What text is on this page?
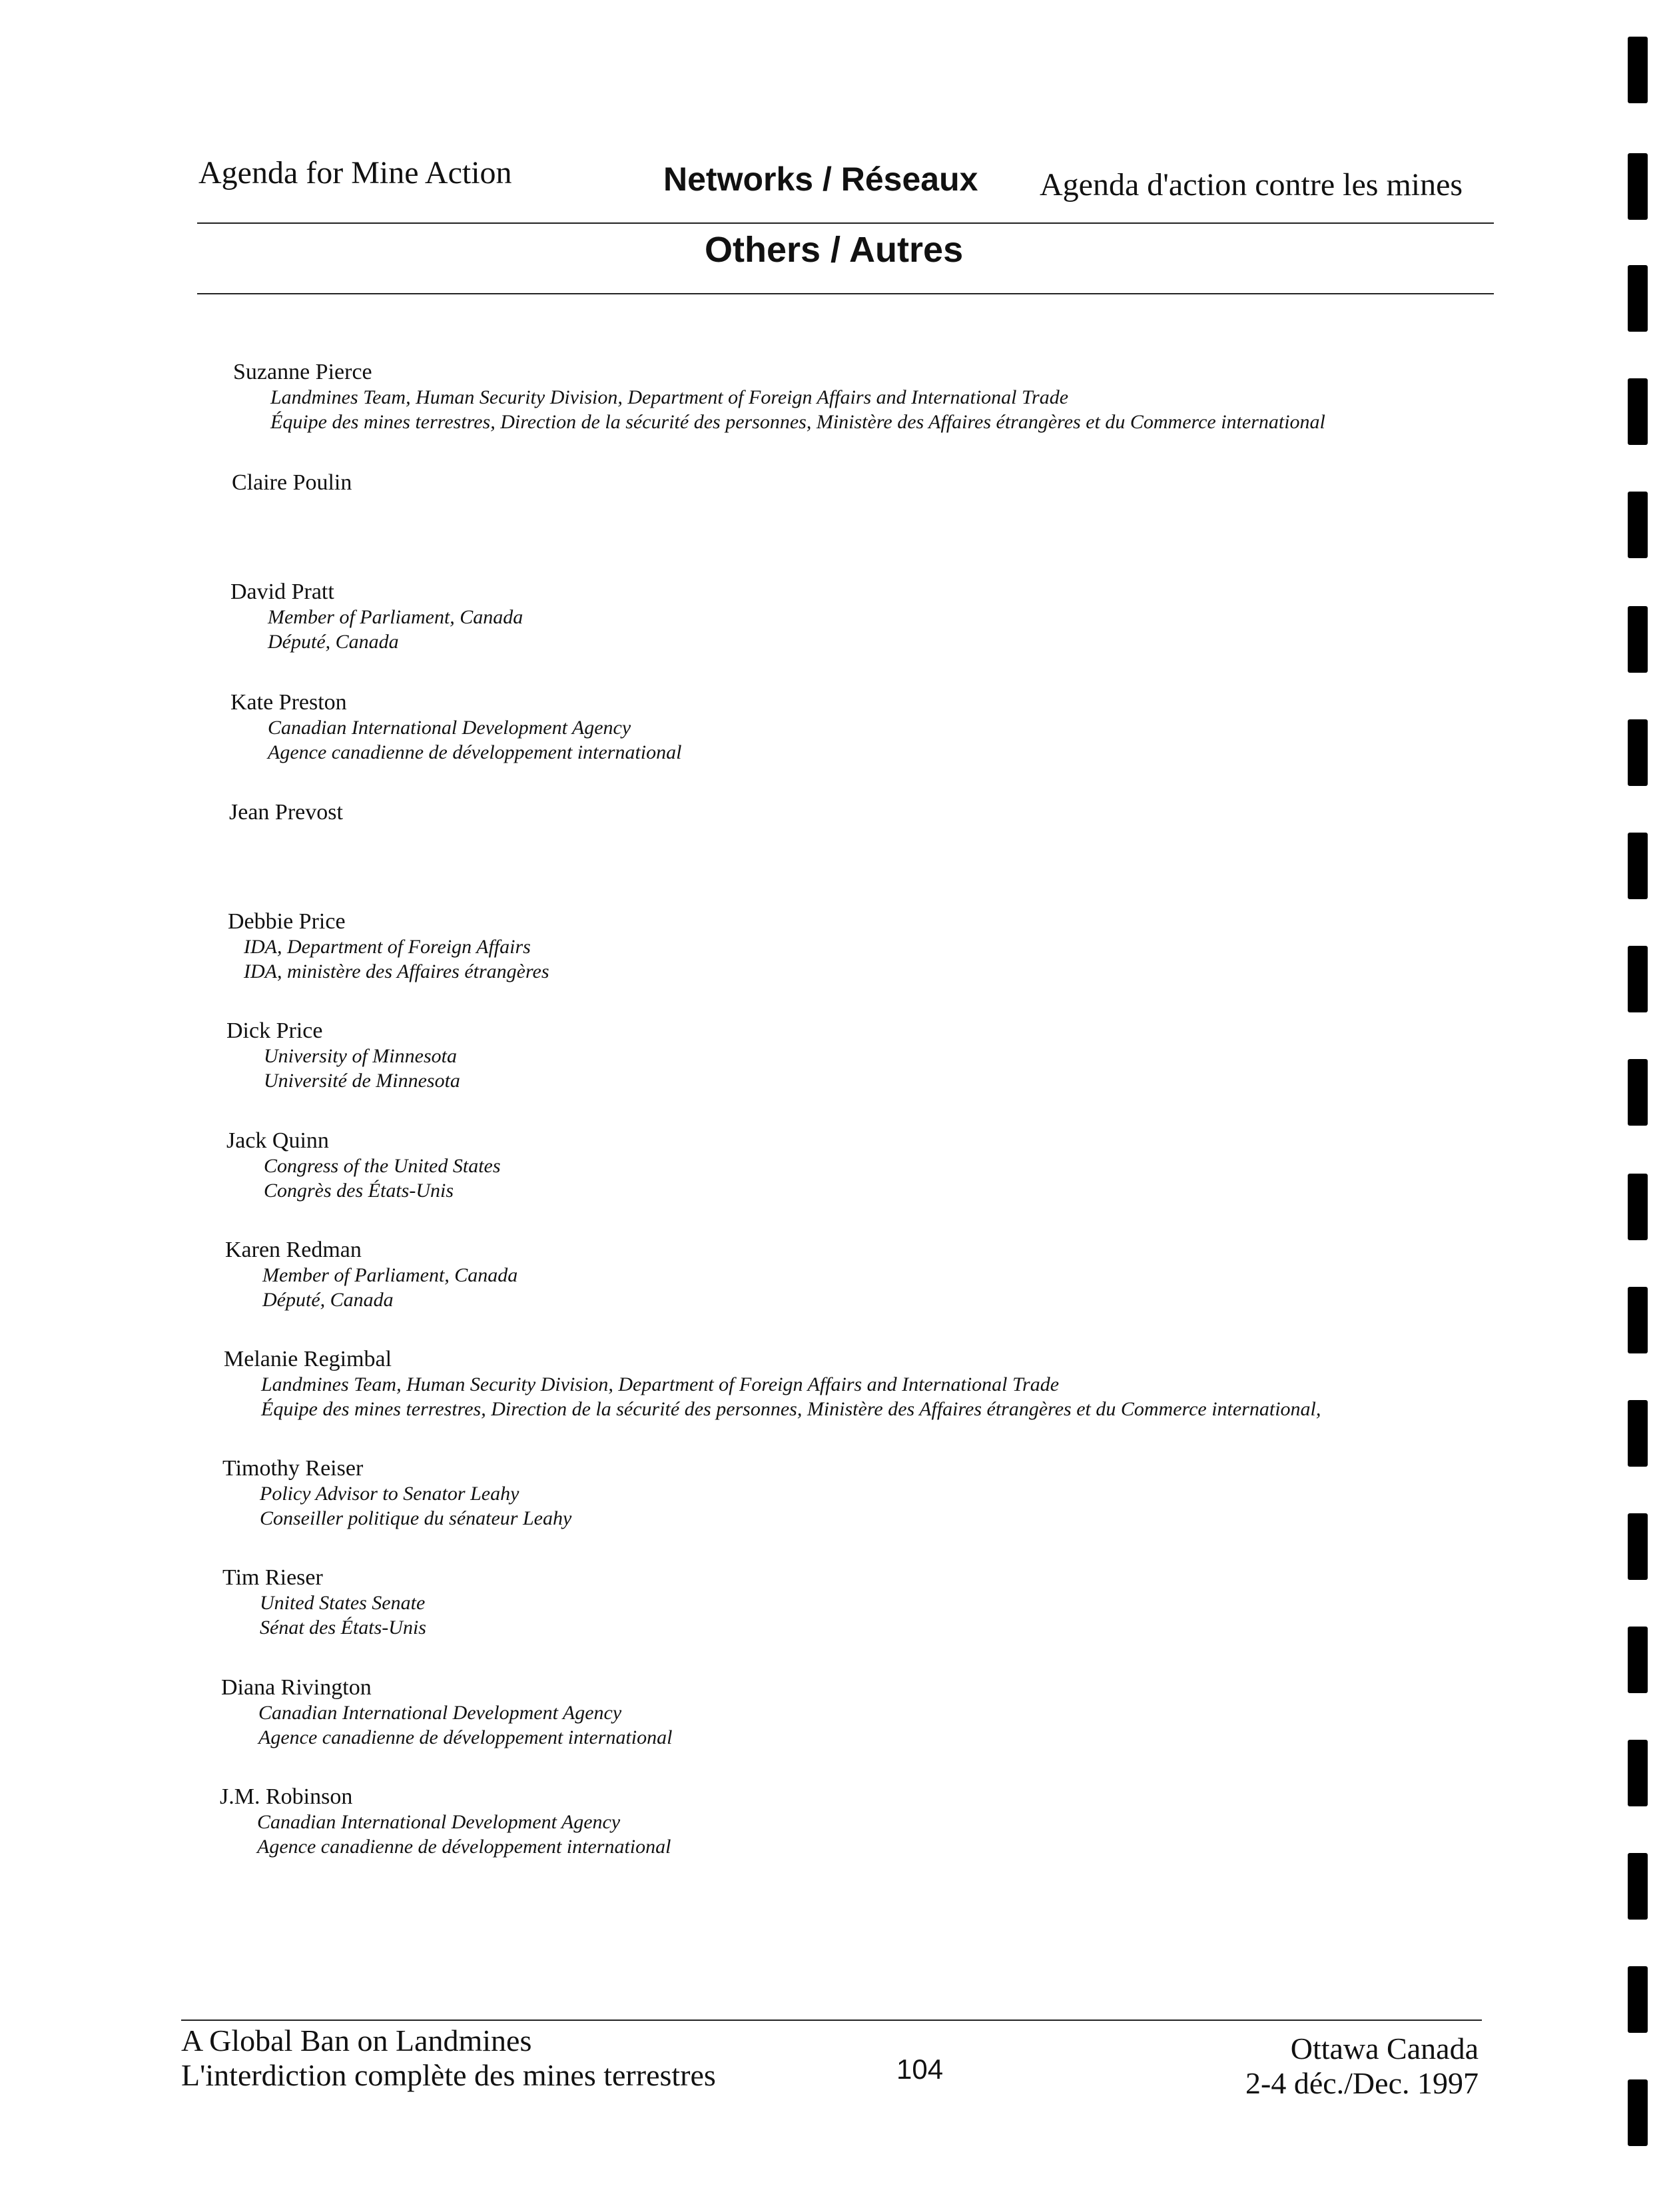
Agenda for Mine Action	Networks / Réseaux Agenda d'action contre les mines
Others / Autres
Suzanne Pierce
Landmines Team, Human Security Division, Department of Foreign Affairs and International Trade
Équipe des mines terrestres, Direction de la sécurité des personnes, Ministère des Affaires étrangères et du Commerce international
Claire Poulin
David Pratt
Member of Parliament, Canada
Député, Canada
Kate Preston
Canadian International Development Agency
Agence canadienne de développement international
Jean Prevost
Debbie Price
IDA, Department of Foreign Affairs
IDA, ministère des Affaires étrangères
Dick Price
University of Minnesota
Université de Minnesota
Jack Quinn
Congress of the United States
Congrès des États-Unis
Karen Redman
Member of Parliament, Canada
Député, Canada
Melanie Regimbal
Landmines Team, Human Security Division, Department of Foreign Affairs and International Trade
Équipe des mines terrestres, Direction de la sécurité des personnes, Ministère des Affaires étrangères et du Commerce international,
Timothy Reiser
Policy Advisor to Senator Leahy
Conseiller politique du sénateur Leahy
Tim Rieser
United States Senate
Sénat des États-Unis
Diana Rivington
Canadian International Development Agency
Agence canadienne de développement international
J.M. Robinson
Canadian International Development Agency
Agence canadienne de développement international
A Global Ban on Landmines
L'interdiction complète des mines terrestres	104
Ottawa Canada
2-4 déc./Dec. 1997
